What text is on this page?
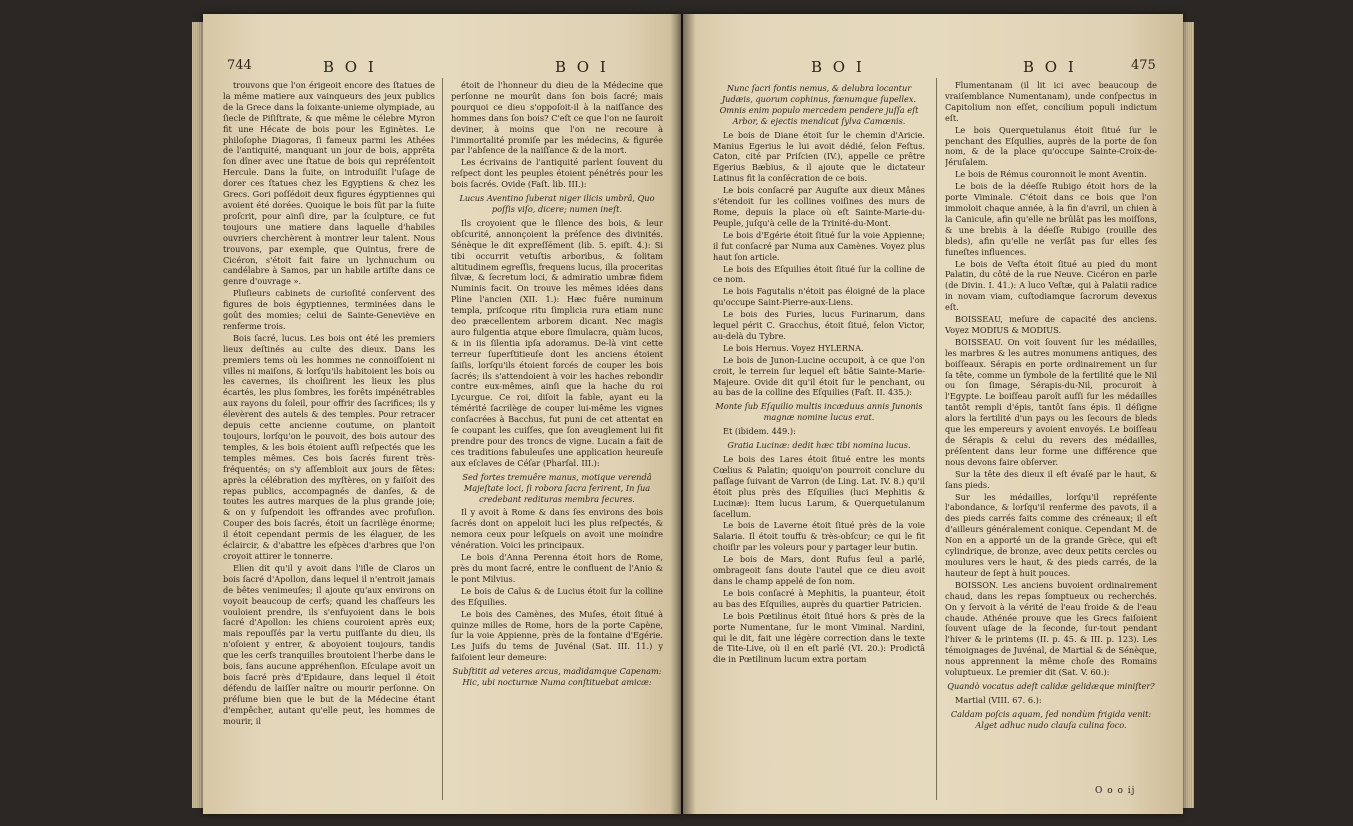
744	B O I	B O I

trouvons que l'on érigeoit encore des ſtatues de la même matiere aux vainqueurs des jeux publics de la Grece dans la ſoixante-unieme olympiade, au ſiecle de Piſiſtrate, & que même le célebre Myron fit une Hécate de bois pour les Eginètes. Le philoſophe Diagoras, ſi fameux parmi les Athées de l'antiquité, manquant un jour de bois, apprêta ſon dîner avec une ſtatue de bois qui repréſentoit Hercule. Dans la ſuite, on introduiſit l'uſage de dorer ces ſtatues chez les Egyptiens & chez les Grecs. Gori poſſédoit deux figures égyptiennes qui avoient été dorées. Quoique le bois fût par la ſuite proſcrit, pour ainſi dire, par la ſculpture, ce fut toujours une matiere dans laquelle d'habiles ouvriers cherchèrent à montrer leur talent. Nous trouvons, par exemple, que Quintus, frere de Cicéron, s'étoit fait faire un lychnuchum ou candélabre à Samos, par un habile artiſte dans ce genre d'ouvrage ».

Pluſieurs cabinets de curioſité conſervent des figures de bois égyptiennes, terminées dans le goût des momies; celui de Sainte-Geneviève en renferme trois.

Bois ſacré, lucus. Les bois ont été les premiers lieux deſtinés au culte des dieux. Dans les premiers tems où les hommes ne connoiſſoient ni villes ni maiſons, & lorſqu'ils habitoient les bois ou les cavernes, ils choiſirent les lieux les plus écartés, les plus ſombres, les forêts impénétrables aux rayons du ſoleil, pour offrir des ſacrifices; ils y élevèrent des autels & des temples. Pour retracer depuis cette ancienne coutume, on plantoit toujours, lorſqu'on le pouvoit, des bois autour des temples, & les bois étoient auſſi reſpectés que les temples mêmes. Ces bois ſacrés furent très-fréquentés; on s'y aſſembloit aux jours de fêtes: après la célébration des myſtères, on y faiſoit des repas publics, accompagnés de danſes, & de toutes les autres marques de la plus grande joie; & on y ſuſpendoit les offrandes avec profuſion. Couper des bois ſacrés, étoit un ſacrilège énorme; il étoit cependant permis de les élaguer, de les éclaircir, & d'abattre les eſpèces d'arbres que l'on croyoit attirer le tonnerre.

Elien dit qu'il y avoit dans l'iſle de Claros un bois ſacré d'Apollon, dans lequel il n'entroit jamais de bêtes venimeuſes; il ajoute qu'aux environs on voyoit beaucoup de cerfs; quand les chaſſeurs les vouloient prendre, ils s'enfuyoient dans le bois ſacré d'Apollon: les chiens couroient après eux; mais repouſſés par la vertu puiſſante du dieu, ils n'oſoient y entrer, & aboyoient toujours, tandis que les cerfs tranquilles broutoient l'herbe dans le bois, ſans aucune appréhenſion. Eſculape avoit un bois ſacré près d'Epidaure, dans lequel il étoit défendu de laiſſer naître ou mourir perſonne. On préſume bien que le but de la Médecine étant d'empêcher, autant qu'elle peut, les hommes de mourir, il

étoit de l'honneur du dieu de la Médecine que perſonne ne mourût dans ſon bois ſacré; mais pourquoi ce dieu s'oppoſoit-il à la naiſſance des hommes dans ſon bois? C'eſt ce que l'on ne ſauroit deviner, à moins que l'on ne recoure à l'immortalité promiſe par les médecins, & figurée par l'abſence de la naiſſance & de la mort.

Les écrivains de l'antiquité parlent ſouvent du reſpect dont les peuples étoient pénétrés pour les bois ſacrés. Ovide (Faſt. lib. III.):

Lucus Aventino ſuberat niger ilicis umbrâ, Quo poſſis viſo, dicere; numen ineſt.

Ils croyoient que le ſilence des bois, & leur obſcurité, annonçoient la préſence des divinités. Sénèque le dit expreſſément (lib. 5. epiſt. 4.): Si tibi occurrit vetuſtis arboribus, & ſolitam altitudinem egreſſis, frequens lucus, illa proceritas ſilvæ, & ſecretum loci, & admiratio umbræ fidem Numinis facit. On trouve les mêmes idées dans Pline l'ancien (XII. 1.): Hæc fuêre numinum templa, priſcoque ritu ſimplicia rura etiam nunc deo præcellentem arborem dicant. Nec magis auro fulgentia atque ebore ſimulacra, quàm lucos, & in iis ſilentia ipſa adoramus. De-là vint cette terreur ſuperſtitieuſe dont les anciens étoient ſaiſis, lorſqu'ils étoient forcés de couper les bois ſacrés; ils s'attendoient à voir les haches rebondir contre eux-mêmes, ainſi que la hache du roi Lycurgue. Ce roi, diſoit la fable, ayant eu la témérité ſacrilège de couper lui-même les vignes conſacrées à Bacchus, fut puni de cet attentat en ſe coupant les cuiſſes, que ſon aveuglement lui fit prendre pour des troncs de vigne. Lucain a fait de ces traditions fabuleuſes une application heureuſe aux eſclaves de Céſar (Pharſal. III.):

Sed fortes tremuêre manus, motique verendâ Majeſtate loci, ſi robora ſacra ferirent, In ſua credebant redituras membra ſecures.

Il y avoit à Rome & dans ſes environs des bois ſacrés dont on appeloit luci les plus reſpectés, & nemora ceux pour leſquels on avoit une moindre vénération. Voici les principaux.

Le bois d'Anna Perenna étoit hors de Rome, près du mont ſacré, entre le confluent de l'Anio & le pont Milvius.

Le bois de Caïus & de Lucius étoit ſur la colline des Eſquilies.

Le bois des Camènes, des Muſes, étoit ſitué à quinze milles de Rome, hors de la porte Capène, ſur la voie Appienne, près de la fontaine d'Egérie. Les Juifs du tems de Juvénal (Sat. III. 11.) y faiſoient leur demeure:

Subſtitit ad veteres arcus, madidamque Capenam: Hic, ubi nocturnæ Numa conſtituebat amicæ:

B O I	B O I	475

Nunc ſacri fontis nemus, & delubra locantur Judæis, quorum cophinus, fœnumque ſupellex. Omnis enim populo mercedem pendere juſſa eſt Arbor, & ejectis mendicat ſylva Camœnis.

Le bois de Diane étoit ſur le chemin d'Aricie. Manius Egerius le lui avoit dédié, ſelon Feſtus. Caton, cité par Priſcien (IV.), appelle ce prêtre Egerius Bæbius, & il ajoute que le dictateur Latinus fit la conſécration de ce bois.

Le bois conſacré par Auguſte aux dieux Mânes s'étendoit ſur les collines voiſines des murs de Rome, depuis la place où eſt Sainte-Marie-du-Peuple, juſqu'à celle de la Trinité-du-Mont.

Le bois d'Egérie étoit ſitué ſur la voie Appienne; il fut conſacré par Numa aux Camènes. Voyez plus haut ſon article.

Le bois des Eſquilies étoit ſitué ſur la colline de ce nom.

Le bois Fagutalis n'étoit pas éloigné de la place qu'occupe Saint-Pierre-aux-Liens.

Le bois des Furies, lucus Furinarum, dans lequel périt C. Gracchus, étoit ſitué, ſelon Victor, au-delà du Tybre.

Le bois Hernus. Voyez HYLERNA.

Le bois de Junon-Lucine occupoit, à ce que l'on croit, le terrein ſur lequel eſt bâtie Sainte-Marie-Majeure. Ovide dit qu'il étoit ſur le penchant, ou au bas de la colline des Eſquilies (Faſt. II. 435.):

Monte ſub Eſquilio multis incæduus annis Junonis magnæ nomine lucus erat.

Et (ibidem. 449.):

Gratia Lucinæ: dedit hæc tibi nomina lucus.

Le bois des Lares étoit ſitué entre les monts Cœlius & Palatin; quoiqu'on pourroit conclure du paſſage ſuivant de Varron (de Ling. Lat. IV. 8.) qu'il étoit plus près des Eſquilies (luci Mephitis & Lucinæ): Item lucus Larum, & Querquetulanum ſacellum.

Le bois de Laverne étoit ſitué près de la voie Salaria. Il étoit touffu & très-obſcur; ce qui le fit choiſir par les voleurs pour y partager leur butin.

Le bois de Mars, dont Rufus ſeul a parlé, ombrageoit ſans doute l'autel que ce dieu avoit dans le champ appelé de ſon nom.

Le bois conſacré à Mephitis, la puanteur, étoit au bas des Eſquilies, auprès du quartier Patricien.

Le bois Pœtilinus étoit ſitué hors & près de la porte Numentane, ſur le mont Viminal. Nardini, qui le dit, fait une légère correction dans le texte de Tite-Live, où il en eſt parlé (VI. 20.): Prodictâ die in Pœtilinum lucum extra portam

Flumentanam (il lit ici avec beaucoup de vraiſemblance Numentanam), unde conſpectus in Capitolium non eſſet, concilium populi indictum eſt.

Le bois Querquetulanus étoit ſitué ſur le penchant des Eſquilies, auprès de la porte de ſon nom, & de la place qu'occupe Sainte-Croix-de-Jéruſalem.

Le bois de Rémus couronnoit le mont Aventin.

Le bois de la déeſſe Rubigo étoit hors de la porte Viminale. C'étoit dans ce bois que l'on immoloit chaque année, à la fin d'avril, un chien à la Canicule, afin qu'elle ne brûlât pas les moiſſons, & une brebis à la déeſſe Rubigo (rouille des bleds), afin qu'elle ne verſât pas ſur elles ſes funeſtes influences.

Le bois de Veſta étoit ſitué au pied du mont Palatin, du côté de la rue Neuve. Cicéron en parle (de Divin. I. 41.): A luco Veſtæ, qui à Palatii radice in novam viam, cuſtodiamque ſacrorum devexus eſt.

BOISSEAU, meſure de capacité des anciens. Voyez MODIUS & MODIUS.

BOISSEAU. On voit ſouvent ſur les médailles, les marbres & les autres monumens antiques, des boiſſeaux. Sérapis en porte ordinairement un ſur ſa tête, comme un ſymbole de la fertilité que le Nil ou ſon ſimage, Sérapis-du-Nil, procuroit à l'Egypte. Le boiſſeau paroît auſſi ſur les médailles tantôt rempli d'épis, tantôt ſans épis. Il déſigne alors la fertilité d'un pays ou les ſecours de bleds que les empereurs y avoient envoyés. Le boiſſeau de Sérapis & celui du revers des médailles, préſentent dans leur forme une différence que nous devons faire obſerver.

Sur la tête des dieux il eſt évaſé par le haut, & ſans pieds.

Sur les médailles, lorſqu'il repréſente l'abondance, & lorſqu'il renferme des pavots, il a des pieds carrés faits comme des créneaux; il eſt d'ailleurs généralement conique. Cependant M. de Non en a apporté un de la grande Grèce, qui eſt cylindrique, de bronze, avec deux petits cercles ou moulures vers le haut, & des pieds carrés, de la hauteur de ſept à huit pouces.

BOISSON. Les anciens buvoient ordinairement chaud, dans les repas ſomptueux ou recherchés. On y ſervoit à la vérité de l'eau froide & de l'eau chaude. Athénée prouve que les Grecs faiſoient ſouvent uſage de la ſeconde, ſur-tout pendant l'hiver & le printems (II. p. 45. & III. p. 123). Les témoignages de Juvénal, de Martial & de Sénèque, nous apprennent la même choſe des Romains voluptueux. Le premier dit (Sat. V. 60.):

Quandò vocatus adeſt calidæ gelidæque miniſter?

Martial (VIII. 67. 6.):

Caldam poſcis aquam, ſed nondùm frigida venit: Alget adhuc nudo clauſa culina foco.

O o o ij
